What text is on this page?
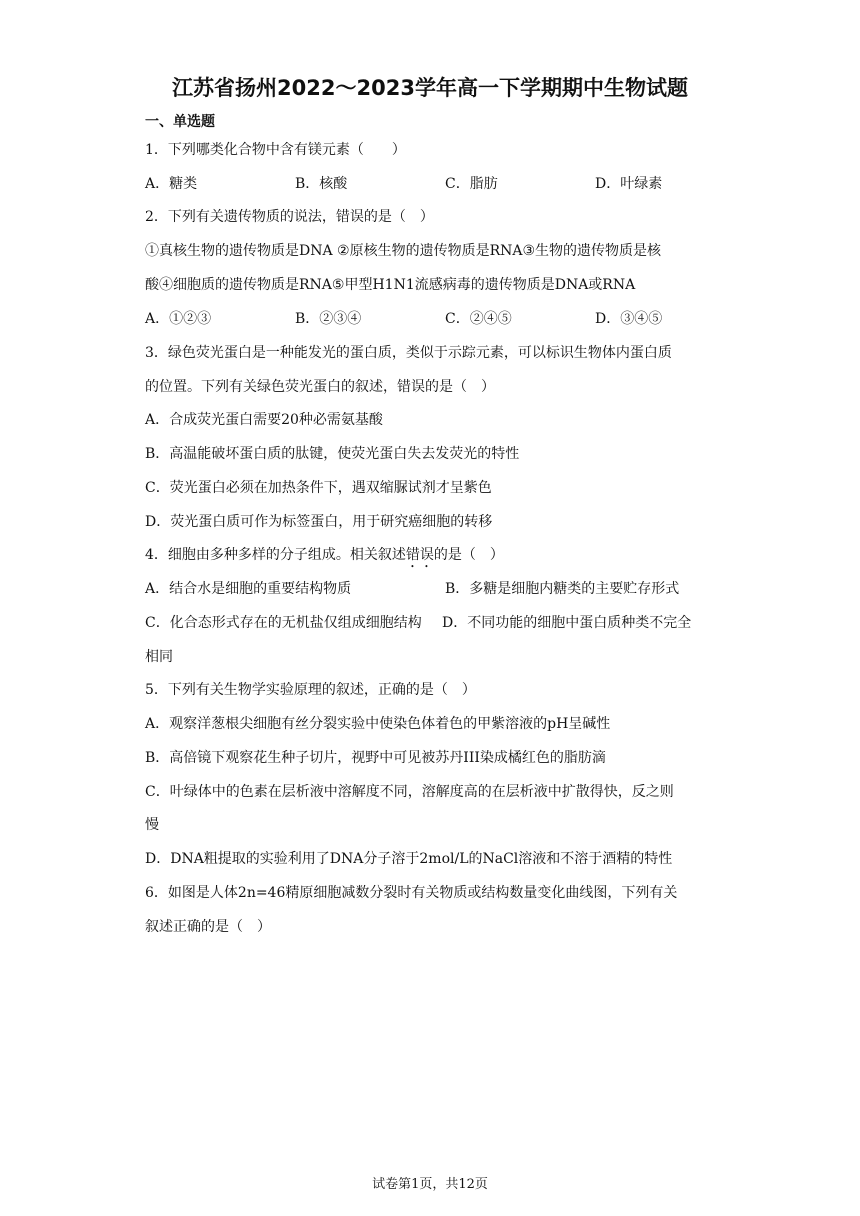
江苏省扬州2022～2023学年高一下学期期中生物试题
一、单选题
1．下列哪类化合物中含有镁元素（　　）
A．糖类	B．核酸	C．脂肪	D．叶绿素
2．下列有关遗传物质的说法，错误的是（　）
①真核生物的遗传物质是DNA ②原核生物的遗传物质是RNA③生物的遗传物质是核
酸④细胞质的遗传物质是RNA⑤甲型H1N1流感病毒的遗传物质是DNA或RNA
A．①②③	B．②③④	C．②④⑤	D．③④⑤
3．绿色荧光蛋白是一种能发光的蛋白质，类似于示踪元素，可以标识生物体内蛋白质
的位置。下列有关绿色荧光蛋白的叙述，错误的是（　）
A．合成荧光蛋白需要20种必需氨基酸
B．高温能破坏蛋白质的肽键，使荧光蛋白失去发荧光的特性
C．荧光蛋白必须在加热条件下，遇双缩脲试剂才呈紫色
D．荧光蛋白质可作为标签蛋白，用于研究癌细胞的转移
4．细胞由多种多样的分子组成。相关叙述错误的是（　）
A．结合水是细胞的重要结构物质	B．多糖是细胞内糖类的主要贮存形式
C．化合态形式存在的无机盐仅组成细胞结构 D．不同功能的细胞中蛋白质种类不完全
相同
5．下列有关生物学实验原理的叙述，正确的是（　）
A．观察洋葱根尖细胞有丝分裂实验中使染色体着色的甲紫溶液的pH呈碱性
B．高倍镜下观察花生种子切片，视野中可见被苏丹III染成橘红色的脂肪滴
C．叶绿体中的色素在层析液中溶解度不同，溶解度高的在层析液中扩散得快，反之则
慢
D．DNA粗提取的实验利用了DNA分子溶于2mol/L的NaCl溶液和不溶于酒精的特性
6．如图是人体2n=46精原细胞减数分裂时有关物质或结构数量变化曲线图，下列有关
叙述正确的是（　）
试卷第1页，共12页
